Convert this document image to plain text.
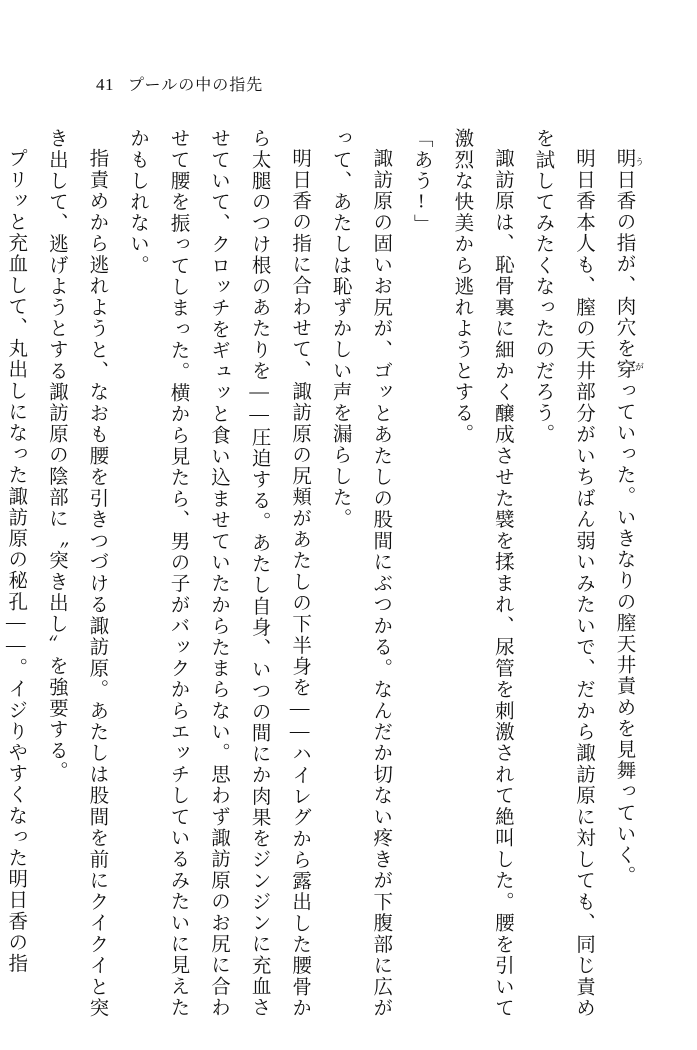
41 プールの中の指先

明日香の指が、肉穴を穿 うがっていった。いきなりの膣天井責めを見舞っていく。

明日香本人も、膣の天井部分がいちばん弱いみたいで、だから諏訪原に対しても、同じ責めを試してみたくなったのだろう。

諏訪原は、恥骨裏に細かく醸成させた襞を揉まれ、尿管を刺激されて絶叫した。腰を引いて激烈な快美から逃れようとする。

「あう!」

諏訪原の固いお尻が、ゴッとあたしの股間にぶつかる。なんだか切ない疼きが下腹部に広がって、あたしは恥ずかしい声を漏らした。

明日香の指に合わせて、諏訪原の尻頬があたしの下半身を——ハイレグから露出した腰骨から太腿のつけ根のあたりを——圧迫する。あたし自身、いつの間にか肉果をジンジンに充血させていて、クロッチをギュッと食い込ませていたからたまらない。思わず諏訪原のお尻に合わせて腰を振ってしまった。横から見たら、男の子がバックからエッチしているみたいに見えたかもしれない。

指責めから逃れようと、なおも腰を引きつづける諏訪原。あたしは股間を前にクイクイと突き出して、逃げようとする諏訪原の陰部に〝突き出し〟を強要する。

プリッと充血して、丸出しになった諏訪原の秘孔——。イジりやすくなった明日香の指
